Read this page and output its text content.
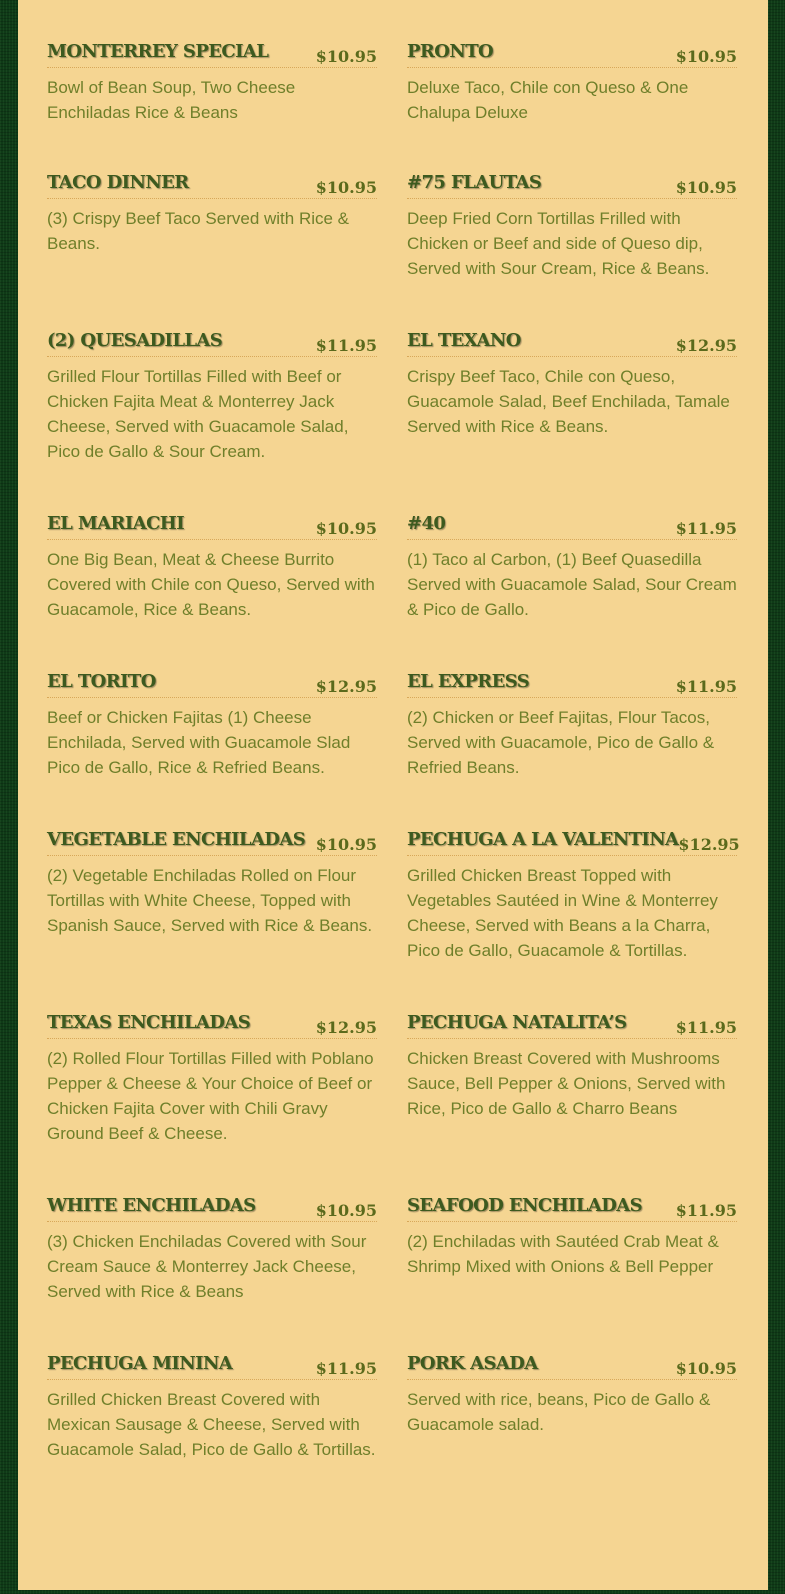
MONTERREY SPECIAL	$10.95
Bowl of Bean Soup, Two Cheese Enchiladas Rice & Beans
PRONTO	$10.95
Deluxe Taco, Chile con Queso & One Chalupa Deluxe
TACO DINNER	$10.95
(3) Crispy Beef Taco Served with Rice & Beans.
#75 FLAUTAS	$10.95
Deep Fried Corn Tortillas Frilled with Chicken or Beef and side of Queso dip, Served with Sour Cream, Rice & Beans.
(2) QUESADILLAS	$11.95
Grilled Flour Tortillas Filled with Beef or Chicken Fajita Meat & Monterrey Jack Cheese, Served with Guacamole Salad, Pico de Gallo & Sour Cream.
EL TEXANO	$12.95
Crispy Beef Taco, Chile con Queso, Guacamole Salad, Beef Enchilada, Tamale Served with Rice & Beans.
EL MARIACHI	$10.95
One Big Bean, Meat & Cheese Burrito Covered with Chile con Queso, Served with Guacamole, Rice & Beans.
#40	$11.95
(1) Taco al Carbon, (1) Beef Quasedilla Served with Guacamole Salad, Sour Cream & Pico de Gallo.
EL TORITO	$12.95
Beef or Chicken Fajitas (1) Cheese Enchilada, Served with Guacamole Slad Pico de Gallo, Rice & Refried Beans.
EL EXPRESS	$11.95
(2) Chicken or Beef Fajitas, Flour Tacos, Served with Guacamole, Pico de Gallo & Refried Beans.
VEGETABLE ENCHILADAS $10.95
(2) Vegetable Enchiladas Rolled on Flour Tortillas with White Cheese, Topped with Spanish Sauce, Served with Rice & Beans.
PECHUGA A LA VALENTINA $12.95
Grilled Chicken Breast Topped with Vegetables Sautéed in Wine & Monterrey Cheese, Served with Beans a la Charra, Pico de Gallo, Guacamole & Tortillas.
TEXAS ENCHILADAS	$12.95
(2) Rolled Flour Tortillas Filled with Poblano Pepper & Cheese & Your Choice of Beef or Chicken Fajita Cover with Chili Gravy Ground Beef & Cheese.
PECHUGA NATALITA’S	$11.95
Chicken Breast Covered with Mushrooms Sauce, Bell Pepper & Onions, Served with Rice, Pico de Gallo & Charro Beans
WHITE ENCHILADAS	$10.95
(3) Chicken Enchiladas Covered with Sour Cream Sauce & Monterrey Jack Cheese, Served with Rice & Beans
SEAFOOD ENCHILADAS $11.95
(2) Enchiladas with Sautéed Crab Meat & Shrimp Mixed with Onions & Bell Pepper
PECHUGA MININA	$11.95
Grilled Chicken Breast Covered with Mexican Sausage & Cheese, Served with Guacamole Salad, Pico de Gallo & Tortillas.
PORK ASADA	$10.95
Served with rice, beans, Pico de Gallo & Guacamole salad.
